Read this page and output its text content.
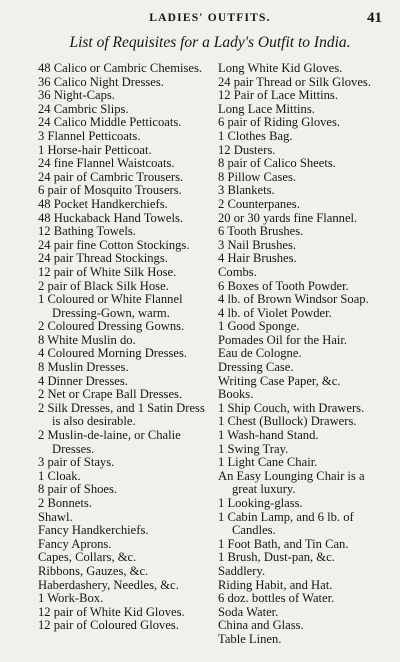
LADIES' OUTFITS.	41
List of Requisites for a Lady's Outfit to India.
48 Calico or Cambric Chemises.
36 Calico Night Dresses.
36 Night-Caps.
24 Cambric Slips.
24 Calico Middle Petticoats.
3 Flannel Petticoats.
1 Horse-hair Petticoat.
24 fine Flannel Waistcoats.
24 pair of Cambric Trousers.
6 pair of Mosquito Trousers.
48 Pocket Handkerchiefs.
48 Huckaback Hand Towels.
12 Bathing Towels.
24 pair fine Cotton Stockings.
24 pair Thread Stockings.
12 pair of White Silk Hose.
2 pair of Black Silk Hose.
1 Coloured or White Flannel Dressing-Gown, warm.
2 Coloured Dressing Gowns.
8 White Muslin do.
4 Coloured Morning Dresses.
8 Muslin Dresses.
4 Dinner Dresses.
2 Net or Crape Ball Dresses.
2 Silk Dresses, and 1 Satin Dress is also desirable.
2 Muslin-de-laine, or Chalie Dresses.
3 pair of Stays.
1 Cloak.
8 pair of Shoes.
2 Bonnets.
Shawl.
Fancy Handkerchiefs.
Fancy Aprons.
Capes, Collars, &c.
Ribbons, Gauzes, &c.
Haberdashery, Needles, &c.
1 Work-Box.
12 pair of White Kid Gloves.
12 pair of Coloured Gloves.
Long White Kid Gloves.
24 pair Thread or Silk Gloves.
12 Pair of Lace Mittins.
Long Lace Mittins.
6 pair of Riding Gloves.
1 Clothes Bag.
12 Dusters.
8 pair of Calico Sheets.
8 Pillow Cases.
3 Blankets.
2 Counterpanes.
20 or 30 yards fine Flannel.
6 Tooth Brushes.
3 Nail Brushes.
4 Hair Brushes.
Combs.
6 Boxes of Tooth Powder.
4 lb. of Brown Windsor Soap.
4 lb. of Violet Powder.
1 Good Sponge.
Pomades Oil for the Hair.
Eau de Cologne.
Dressing Case.
Writing Case Paper, &c.
Books.
1 Ship Couch, with Drawers.
1 Chest (Bullock) Drawers.
1 Wash-hand Stand.
1 Swing Tray.
1 Light Cane Chair.
An Easy Lounging Chair is a great luxury.
1 Looking-glass.
1 Cabin Lamp, and 6 lb. of Candles.
1 Foot Bath, and Tin Can.
1 Brush, Dust-pan, &c.
Saddlery.
Riding Habit, and Hat.
6 doz. bottles of Water.
Soda Water.
China and Glass.
Table Linen.
